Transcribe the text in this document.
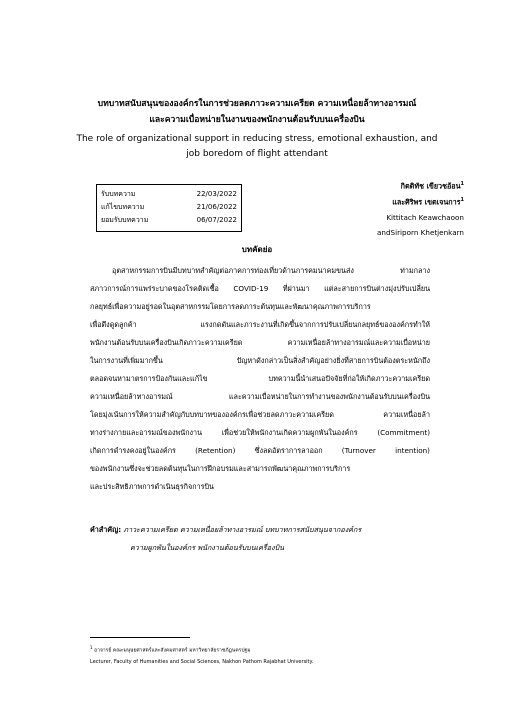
บทบาทสนับสนุนขององค์กรในการช่วยลดภาวะความเครียด ความเหนื่อยล้าทางอารมณ์
และความเบื่อหน่ายในงานของพนักงานต้อนรับบนเครื่องบิน
The role of organizational support in reducing stress, emotional exhaustion, and
job boredom of flight attendant
รับบทความ	22/03/2022
แก้ไขบทความ	21/06/2022
ยอมรับบทความ	06/07/2022
กิตติทัช เขียวชอ้อน$^1$
และศิริพร เขตเจนการ$^1$
Kittitach Keawchaoon
andSiriporn Khetjenkarn
บทคัดย่อ
อุตสาหกรรมการบินมีบทบาทสำคัญต่อภาคการท่องเที่ยวด้านการคมนาคมขนส่ง ท่ามกลาง
สภาวการณ์การแพร่ระบาดของโรคติดเชื้อ COVID-19 ที่ผ่านมา แต่ละสายการบินต่างมุ่งปรับเปลี่ยน
กลยุทธ์เพื่อความอยู่รอดในอุตสาหกรรมโดยการลดภาระต้นทุนและพัฒนาคุณภาพการบริการ
เพื่อดึงดูดลูกค้า แรงกดดันและภาระงานที่เกิดขึ้นจากการปรับเปลี่ยนกลยุทธ์ขององค์กรทำให้
พนักงานต้อนรับบนเครื่องบินเกิดภาวะความเครียด ความเหนื่อยล้าทางอารมณ์และความเบื่อหน่าย
ในการงานที่เพิ่มมากขึ้น ปัญหาดังกล่าวเป็นสิ่งสำคัญอย่างยิ่งที่สายการบินต้องตระหนักถึง
ตลอดจนหามาตรการป้องกันและแก้ไข บทความนี้นำเสนอปัจจัยที่ก่อให้เกิดภาวะความเครียด
ความเหนื่อยล้าทางอารมณ์ และความเบื่อหน่ายในการทำงานของพนักงานต้อนรับบนเครื่องบิน
โดยมุ่งเน้นการให้ความสำคัญกับบทบาทขององค์กรเพื่อช่วยลดภาวะความเครียด ความเหนื่อยล้า
ทางร่างกายและอารมณ์ของพนักงาน เพื่อช่วยให้พนักงานเกิดความผูกพันในองค์กร (Commitment)
เกิดการดำรงคงอยู่ในองค์กร (Retention) ซึ่งลดอัตราการลาออก (Turnover intention)
ของพนักงานซึ่งจะช่วยลดต้นทุนในการฝึกอบรมและสามารถพัฒนาคุณภาพการบริการ
และประสิทธิภาพการดำเนินธุรกิจการบิน
คำสำคัญ: ภาวะความเครียด ความเหนื่อยล้าทางอารมณ์ บทบาทการสนับสนุนจากองค์กร
ความผูกพันในองค์กร พนักงานต้อนรับบนเครื่องบิน
$^1$ อาจารย์ คณะมนุษยศาสตร์และสังคมศาสตร์ มหาวิทยาลัยราชภัฏนครปฐม
Lecturer, Faculty of Humanities and Social Sciences, Nakhon Pathom Rajabhat University.
